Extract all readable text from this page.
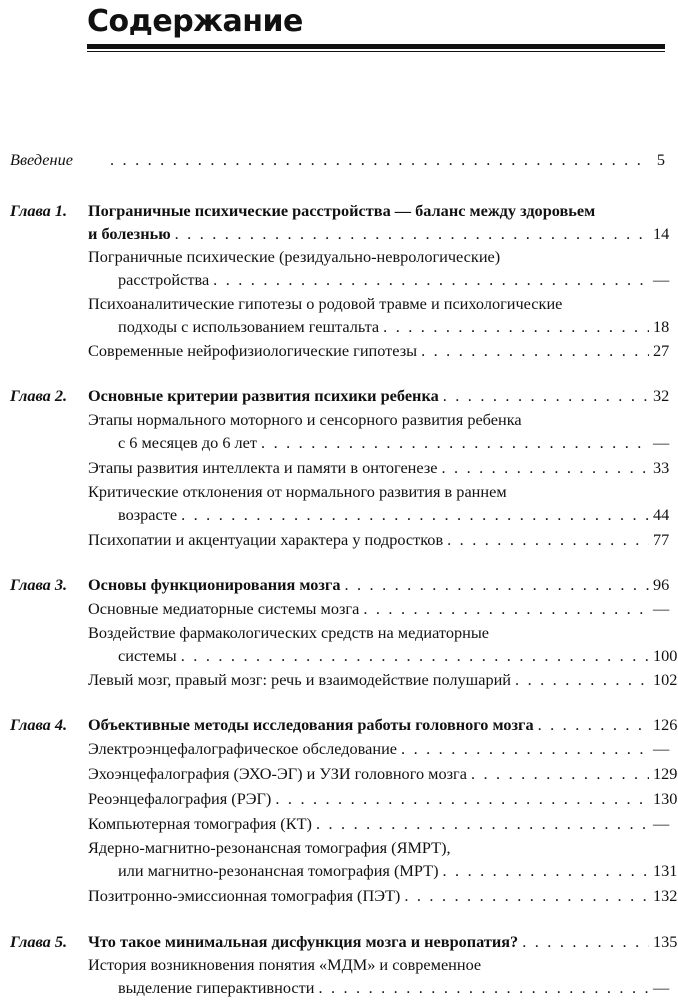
Содержание
Введение . . .	5
Глава 1. Пограничные психические расстройства — баланс между здоровьем
и болезнью . . .	14
Пограничные психические (резидуально-неврологические)
расстройства . . .	—
Психоаналитические гипотезы о родовой травме и психологические
подходы с использованием гештальта . . .	18
Современные нейрофизиологические гипотезы . . .	27
Глава 2. Основные критерии развития психики ребенка . . .	32
Этапы нормального моторного и сенсорного развития ребенка
с 6 месяцев до 6 лет . . .	—
Этапы развития интеллекта и памяти в онтогенезе . . .	33
Критические отклонения от нормального развития в раннем
возрасте . . .	44
Психопатии и акцентуации характера у подростков . . .	77
Глава 3. Основы функционирования мозга . . .	96
Основные медиаторные системы мозга . . .	—
Воздействие фармакологических средств на медиаторные
системы . . .	100
Левый мозг, правый мозг: речь и взаимодействие полушарий . . .	102
Глава 4. Объективные методы исследования работы головного мозга . . .	126
Электроэнцефалографическое обследование . . .	—
Эхоэнцефалография (ЭХО-ЭГ) и УЗИ головного мозга . . .	129
Реоэнцефалография (РЭГ) . . .	130
Компьютерная томография (КТ) . . .	—
Ядерно-магнитно-резонансная томография (ЯМРТ),
или магнитно-резонансная томография (МРТ) . . .	131
Позитронно-эмиссионная томография (ПЭТ) . . .	132
Глава 5. Что такое минимальная дисфункция мозга и невропатия? . . .	135
История возникновения понятия «МДМ» и современное
выделение гиперактивности . . .	—
